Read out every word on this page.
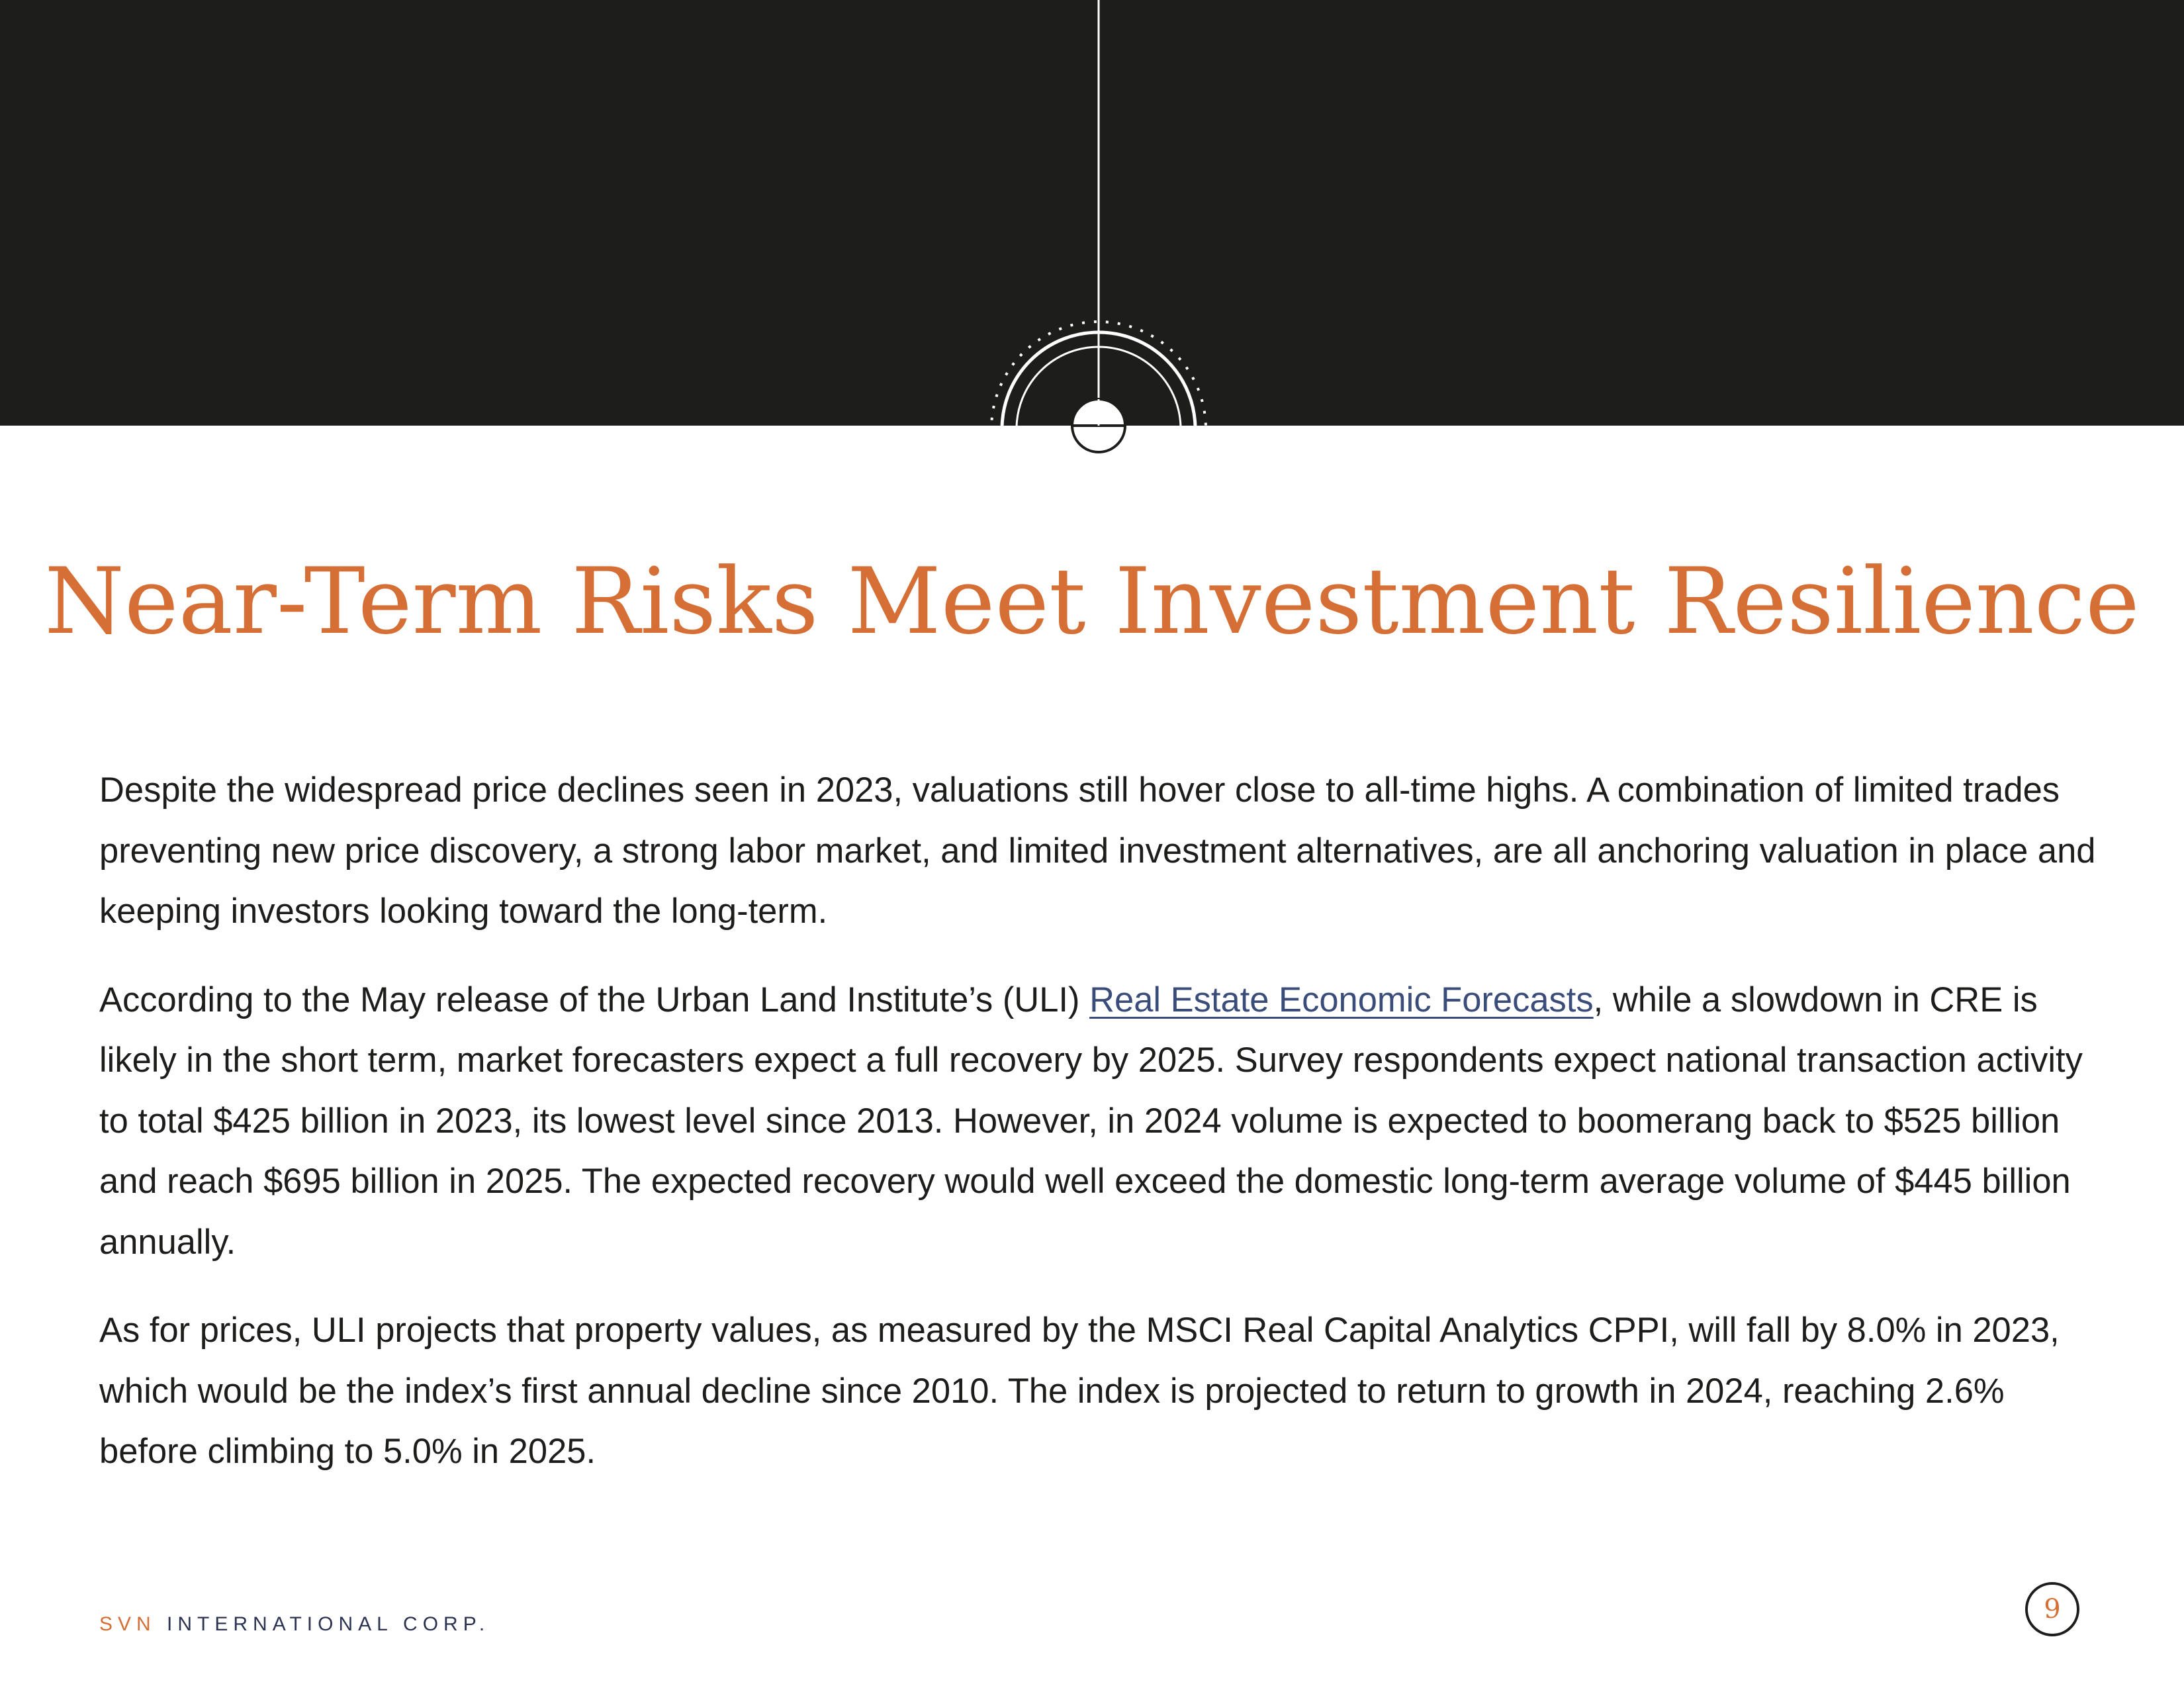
Near-Term Risks Meet Investment Resilience

Despite the widespread price declines seen in 2023, valuations still hover close to all-time highs. A combination of limited trades preventing new price discovery, a strong labor market, and limited investment alternatives, are all anchoring valuation in place and keeping investors looking toward the long-term.

According to the May release of the Urban Land Institute’s (ULI) Real Estate Economic Forecasts, while a slowdown in CRE is likely in the short term, market forecasters expect a full recovery by 2025. Survey respondents expect national transaction activity to total $425 billion in 2023, its lowest level since 2013. However, in 2024 volume is expected to boomerang back to $525 billion and reach $695 billion in 2025. The expected recovery would well exceed the domestic long-term average volume of $445 billion annually.

As for prices, ULI projects that property values, as measured by the MSCI Real Capital Analytics CPPI, will fall by 8.0% in 2023, which would be the index’s first annual decline since 2010. The index is projected to return to growth in 2024, reaching 2.6% before climbing to 5.0% in 2025.

SVN INTERNATIONAL CORP.	9
